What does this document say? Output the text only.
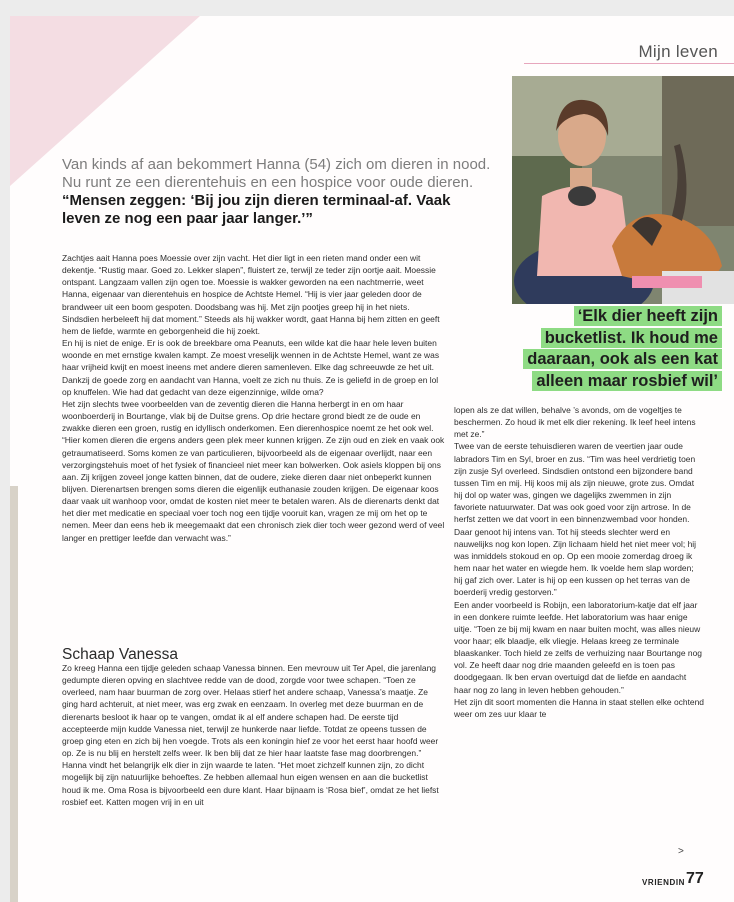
Mijn leven
Van kinds af aan bekommert Hanna (54) zich om dieren in nood. Nu runt ze een dierentehuis en een hospice voor oude dieren. “Mensen zeggen: ‘Bij jou zijn dieren terminaal-af. Vaak leven ze nog een paar jaar langer.’”
‘Elk dier heeft zijn
bucketlist. Ik houd me
daaraan, ook als een kat
alleen maar rosbief wil’

Zachtjes aait Hanna poes Moessie over zijn vacht. Het dier ligt in een rieten mand onder een wit dekentje. “Rustig maar. Goed zo. Lekker slapen”, fluistert ze, terwijl ze teder zijn oortje aait. Moessie ontspant. Langzaam vallen zijn ogen toe. Moessie is wakker geworden na een nachtmerrie, weet Hanna, eigenaar van dierentehuis en hospice de Achtste Hemel. “Hij is vier jaar geleden door de brandweer uit een boom gespoten. Doodsbang was hij. Met zijn pootjes greep hij in het niets. Sindsdien herbeleeft hij dat moment.” Steeds als hij wakker wordt, gaat Hanna bij hem zitten en geeft hem de liefde, warmte en geborgenheid die hij zoekt.

En hij is niet de enige. Er is ook de breekbare oma Peanuts, een wilde kat die haar hele leven buiten woonde en met ernstige kwalen kampt. Ze moest vreselijk wennen in de Achtste Hemel, want ze was haar vrijheid kwijt en moest ineens met andere dieren samenleven. Elke dag schreeuwde ze het uit. Dankzij de goede zorg en aandacht van Hanna, voelt ze zich nu thuis. Ze is geliefd in de groep en lol op knuffelen. Wie had dat gedacht van deze eigenzinnige, wilde oma?

Het zijn slechts twee voorbeelden van de zeventig dieren die Hanna herbergt in en om haar woonboerderij in Bourtange, vlak bij de Duitse grens. Op drie hectare grond biedt ze de oude en zwakke dieren een groen, rustig en idyllisch onderkomen. Een dierenhospice noemt ze het ook wel. “Hier komen dieren die ergens anders geen plek meer kunnen krijgen. Ze zijn oud en ziek en vaak ook getraumatiseerd. Soms komen ze van particulieren, bijvoorbeeld als de eigenaar overlijdt, naar een verzorgingstehuis moet of het fysiek of financieel niet meer kan bolwerken. Ook asiels kloppen bij ons aan. Zij krijgen zoveel jonge katten binnen, dat de oudere, zieke dieren daar niet onbeperkt kunnen blijven. Dierenartsen brengen soms dieren die eigenlijk euthanasie zouden krijgen. De eigenaar koos daar vaak uit wanhoop voor, omdat de kosten niet meer te betalen waren. Als de dierenarts denkt dat het dier met medicatie en speciaal voer toch nog een tijdje vooruit kan, vragen ze mij om het op te nemen. Meer dan eens heb ik meegemaakt dat een chronisch ziek dier toch weer gezond werd of veel langer en prettiger leefde dan verwacht was.”

Schaap Vanessa

Zo kreeg Hanna een tijdje geleden schaap Vanessa binnen. Een mevrouw uit Ter Apel, die jarenlang gedumpte dieren opving en slachtvee redde van de dood, zorgde voor twee schapen. “Toen ze overleed, nam haar buurman de zorg over. Helaas stierf het andere schaap, Vanessa’s maatje. Ze ging hard achteruit, at niet meer, was erg zwak en eenzaam. In overleg met deze buurman en de dierenarts besloot ik haar op te vangen, omdat ik al elf andere schapen had. De eerste tijd accepteerde mijn kudde Vanessa niet, terwijl ze hunkerde naar liefde. Totdat ze opeens tussen de groep ging eten en zich bij hen voegde. Trots als een koningin hief ze voor het eerst haar hoofd weer op. Ze is nu blij en herstelt zelfs weer. Ik ben blij dat ze hier haar laatste fase mag doorbrengen.”

Hanna vindt het belangrijk elk dier in zijn waarde te laten. “Het moet zichzelf kunnen zijn, zo dicht mogelijk bij zijn natuurlijke behoeftes. Ze hebben allemaal hun eigen wensen en aan die bucketlist houd ik me. Oma Rosa is bijvoorbeeld een dure klant. Haar bijnaam is ‘Rosa bief’, omdat ze het liefst rosbief eet. Katten mogen vrij in en uit

lopen als ze dat willen, behalve ’s avonds, om de vogeltjes te beschermen. Zo houd ik met elk dier rekening. Ik leef heel intens met ze.”

Twee van de eerste tehuisdieren waren de veertien jaar oude labradors Tim en Syl, broer en zus. “Tim was heel verdrietig toen zijn zusje Syl overleed. Sindsdien ontstond een bijzondere band tussen Tim en mij. Hij koos mij als zijn nieuwe, grote zus. Omdat hij dol op water was, gingen we dagelijks zwemmen in zijn favoriete natuurwater. Dat was ook goed voor zijn artrose. In de herfst zetten we dat voort in een binnenzwembad voor honden. Daar genoot hij intens van. Tot hij steeds slechter werd en nauwelijks nog kon lopen. Zijn lichaam hield het niet meer vol; hij was inmiddels stokoud en op. Op een mooie zomerdag droeg ik hem naar het water en wiegde hem. Ik voelde hem slap worden; hij gaf zich over. Later is hij op een kussen op het terras van de boerderij vredig gestorven.”

Een ander voorbeeld is Robijn, een laboratorium-katje dat elf jaar in een donkere ruimte leefde. Het laboratorium was haar enige uitje. “Toen ze bij mij kwam en naar buiten mocht, was alles nieuw voor haar; elk blaadje, elk vliegje. Helaas kreeg ze terminale blaaskanker. Toch hield ze zelfs de verhuizing naar Bourtange nog vol. Ze heeft daar nog drie maanden geleefd en is toen pas doodgegaan. Ik ben ervan overtuigd dat de liefde en aandacht haar nog zo lang in leven hebben gehouden.”

Het zijn dit soort momenten die Hanna in staat stellen elke ochtend weer om zes uur klaar te

>
VRIENDIN 77
